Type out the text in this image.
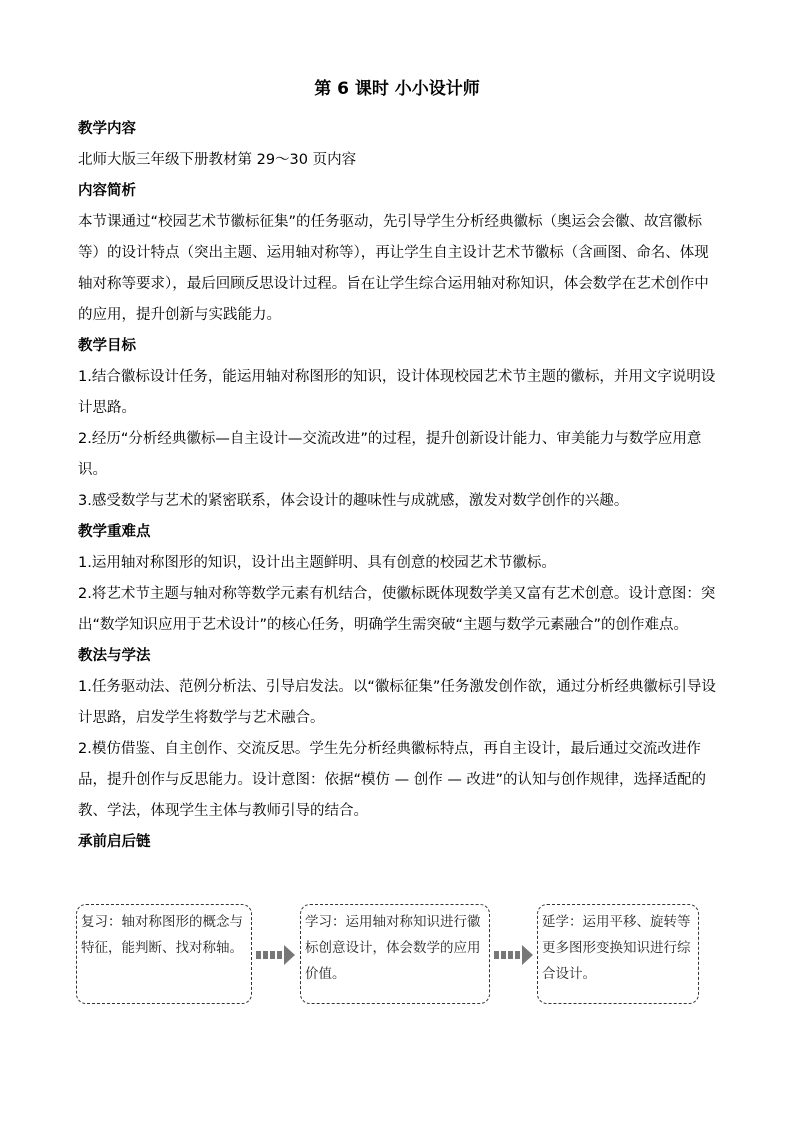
第 6 课时 小小设计师

教学内容

北师大版三年级下册教材第 29～30 页内容

内容简析

本节课通过“校园艺术节徽标征集”的任务驱动，先引导学生分析经典徽标（奥运会会徽、故宫徽标等）的设计特点（突出主题、运用轴对称等），再让学生自主设计艺术节徽标（含画图、命名、体现轴对称等要求），最后回顾反思设计过程。旨在让学生综合运用轴对称知识，体会数学在艺术创作中的应用，提升创新与实践能力。

教学目标

1.结合徽标设计任务，能运用轴对称图形的知识，设计体现校园艺术节主题的徽标，并用文字说明设计思路。

2.经历“分析经典徽标—自主设计—交流改进”的过程，提升创新设计能力、审美能力与数学应用意识。

3.感受数学与艺术的紧密联系，体会设计的趣味性与成就感，激发对数学创作的兴趣。

教学重难点

1.运用轴对称图形的知识，设计出主题鲜明、具有创意的校园艺术节徽标。

2.将艺术节主题与轴对称等数学元素有机结合，使徽标既体现数学美又富有艺术创意。设计意图：突出“数学知识应用于艺术设计”的核心任务，明确学生需突破“主题与数学元素融合”的创作难点。

教法与学法

1.任务驱动法、范例分析法、引导启发法。以“徽标征集”任务激发创作欲，通过分析经典徽标引导设计思路，启发学生将数学与艺术融合。

2.模仿借鉴、自主创作、交流反思。学生先分析经典徽标特点，再自主设计，最后通过交流改进作品，提升创作与反思能力。设计意图：依据“模仿 — 创作 — 改进”的认知与创作规律，选择适配的教、学法，体现学生主体与教师引导的结合。

承前启后链

复习：轴对称图形的概念与特征，能判断、找对称轴。
学习：运用轴对称知识进行徽标创意设计，体会数学的应用价值。
延学：运用平移、旋转等更多图形变换知识进行综合设计。
